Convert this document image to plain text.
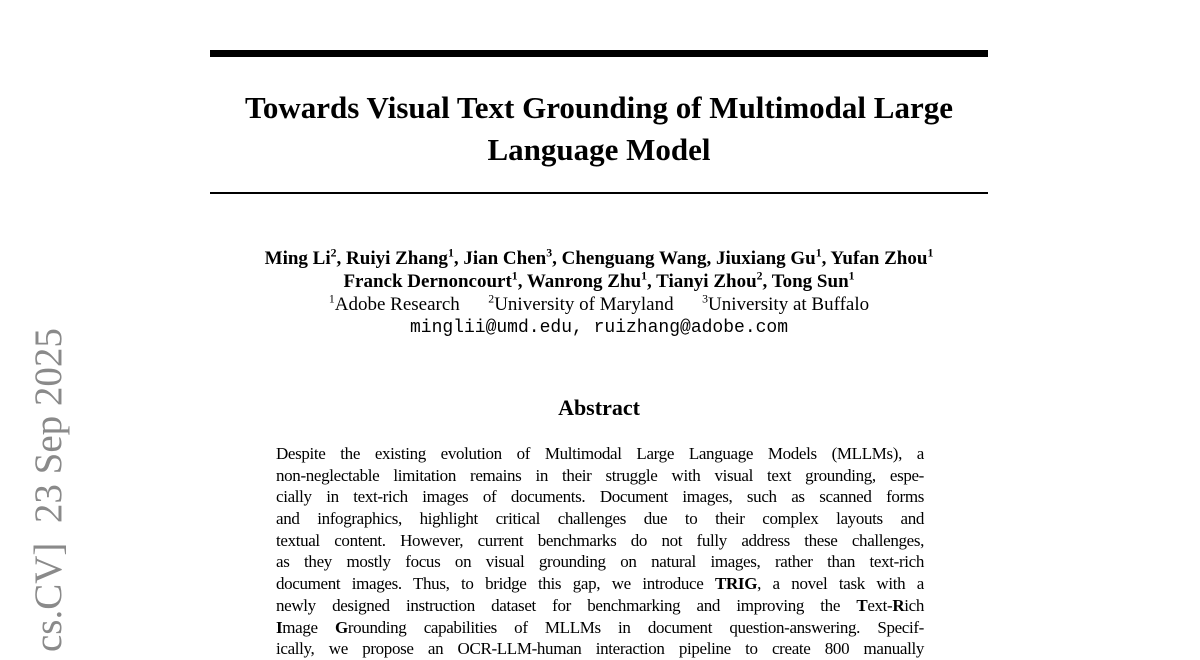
cs.CV]  23 Sep 2025
Towards Visual Text Grounding of Multimodal Large
Language Model
Ming Li$^2$, Ruiyi Zhang$^1$, Jian Chen$^3$, Chenguang Wang, Jiuxiang Gu$^1$, Yufan Zhou$^1$
Franck Dernoncourt$^1$, Wanrong Zhu$^1$, Tianyi Zhou$^2$, Tong Sun$^1$
$^1$Adobe Research   $^2$University of Maryland   $^3$University at Buffalo
minglii@umd.edu, ruizhang@adobe.com
Abstract
Despite the existing evolution of Multimodal Large Language Models (MLLMs), a
non-neglectable limitation remains in their struggle with visual text grounding, espe-
cially in text-rich images of documents. Document images, such as scanned forms
and infographics, highlight critical challenges due to their complex layouts and
textual content. However, current benchmarks do not fully address these challenges,
as they mostly focus on visual grounding on natural images, rather than text-rich
document images. Thus, to bridge this gap, we introduce TRIG, a novel task with a
newly designed instruction dataset for benchmarking and improving the Text-Rich
Image Grounding capabilities of MLLMs in document question-answering. Specif-
ically, we propose an OCR-LLM-human interaction pipeline to create 800 manually
